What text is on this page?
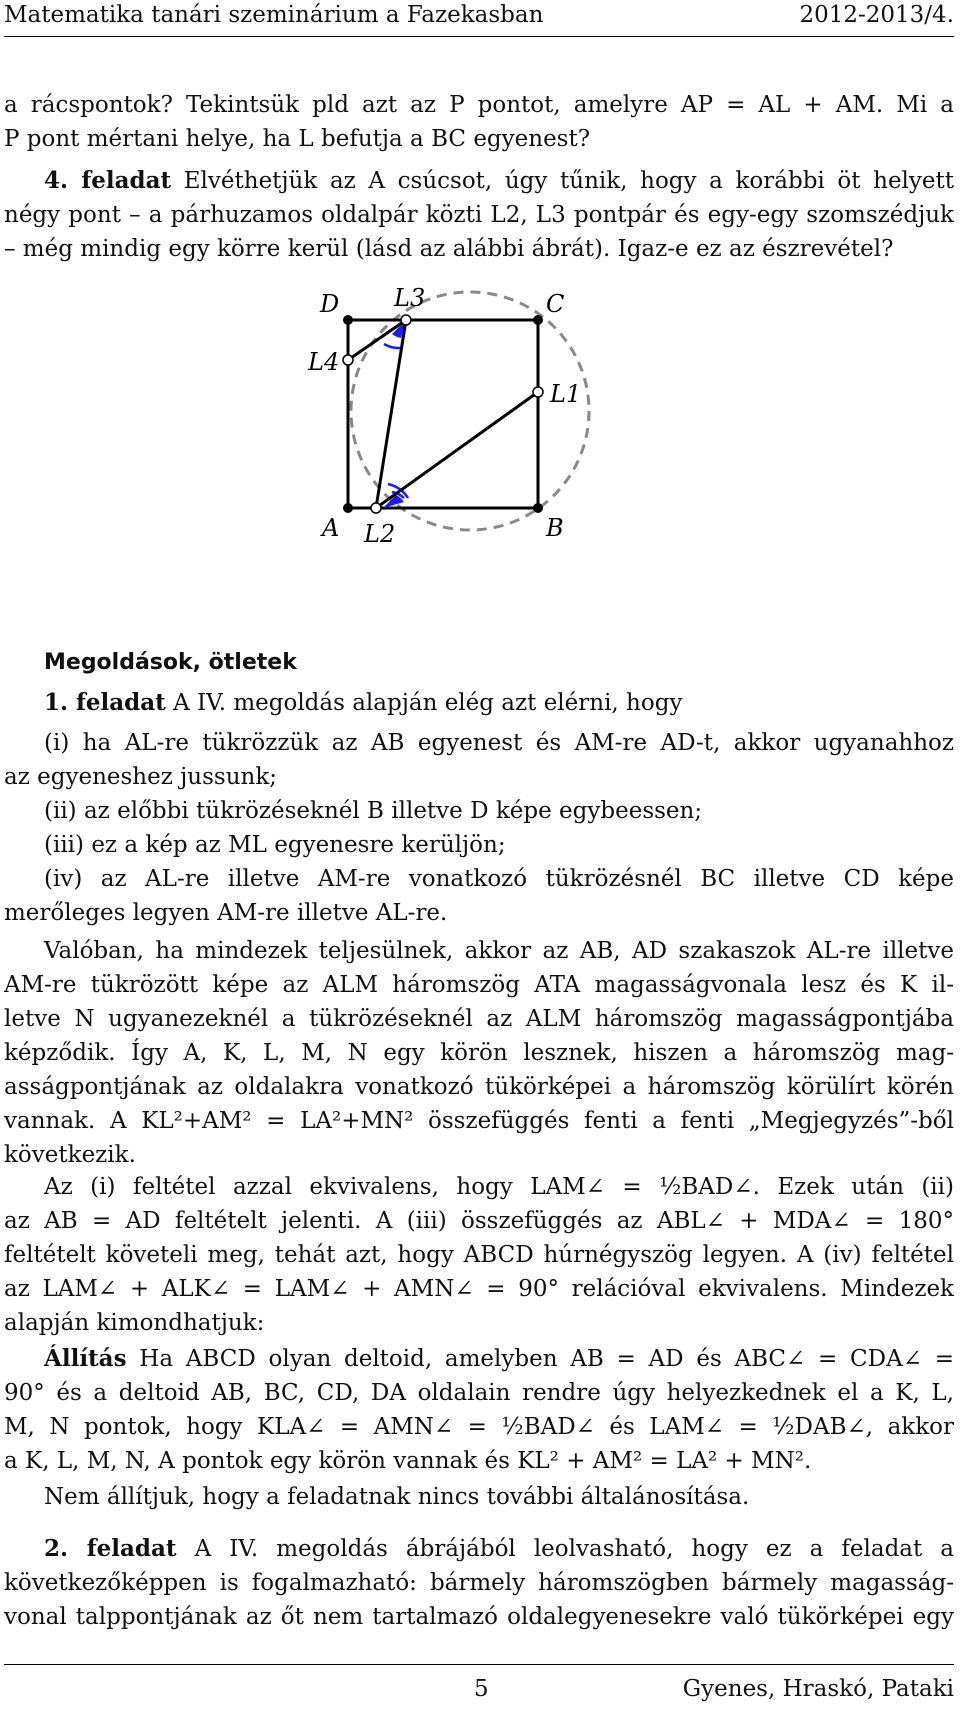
Matematika tanári szeminárium a Fazekasban	2012-2013/4.
a rácspontok? Tekintsük pld azt az P pontot, amelyre AP = AL + AM. Mi a
P pont mértani helye, ha L befutja a BC egyenest?
4. feladat Elvéthetjük az A csúcsot, úgy tűnik, hogy a korábbi öt helyett
négy pont – a párhuzamos oldalpár közti L2, L3 pontpár és egy-egy szomszédjuk
– még mindig egy körre kerül (lásd az alábbi ábrát). Igaz-e ez az észrevétel?
D L3	C
L4
L1
A L2	B
Megoldások, ötletek
1. feladat A IV. megoldás alapján elég azt elérni, hogy
(i) ha AL-re tükrözzük az AB egyenest és AM-re AD-t, akkor ugyanahhoz
az egyeneshez jussunk;
(ii) az előbbi tükrözéseknél B illetve D képe egybeessen;
(iii) ez a kép az ML egyenesre kerüljön;
(iv) az AL-re illetve AM-re vonatkozó tükrözésnél BC illetve CD képe
merőleges legyen AM-re illetve AL-re.
Valóban, ha mindezek teljesülnek, akkor az AB, AD szakaszok AL-re illetve
AM-re tükrözött képe az ALM háromszög ATA magasságvonala lesz és K il-
letve N ugyanezeknél a tükrözéseknél az ALM háromszög magasságpontjába
képződik. Így A, K, L, M, N egy körön lesznek, hiszen a háromszög mag-
asságpontjának az oldalakra vonatkozó tükörképei a háromszög körülírt körén
vannak. A KL²+AM² = LA²+MN² összefüggés fenti a fenti „Megjegyzés”-ből
következik.
Az (i) feltétel azzal ekvivalens, hogy LAM∠ = ½BAD∠. Ezek után (ii)
az AB = AD feltételt jelenti. A (iii) összefüggés az ABL∠ + MDA∠ = 180°
feltételt követeli meg, tehát azt, hogy ABCD húrnégyszög legyen. A (iv) feltétel
az LAM∠ + ALK∠ = LAM∠ + AMN∠ = 90° relációval ekvivalens. Mindezek
alapján kimondhatjuk:
Állítás Ha ABCD olyan deltoid, amelyben AB = AD és ABC∠ = CDA∠ =
90° és a deltoid AB, BC, CD, DA oldalain rendre úgy helyezkednek el a K, L,
M, N pontok, hogy KLA∠ = AMN∠ = ½BAD∠ és LAM∠ = ½DAB∠, akkor
a K, L, M, N, A pontok egy körön vannak és KL² + AM² = LA² + MN².
Nem állítjuk, hogy a feladatnak nincs további általánosítása.
2. feladat A IV. megoldás ábrájából leolvasható, hogy ez a feladat a
következőképpen is fogalmazható: bármely háromszögben bármely magasság-
vonal talppontjának az őt nem tartalmazó oldalegyenesekre való tükörképei egy
5	Gyenes, Hraskó, Pataki
